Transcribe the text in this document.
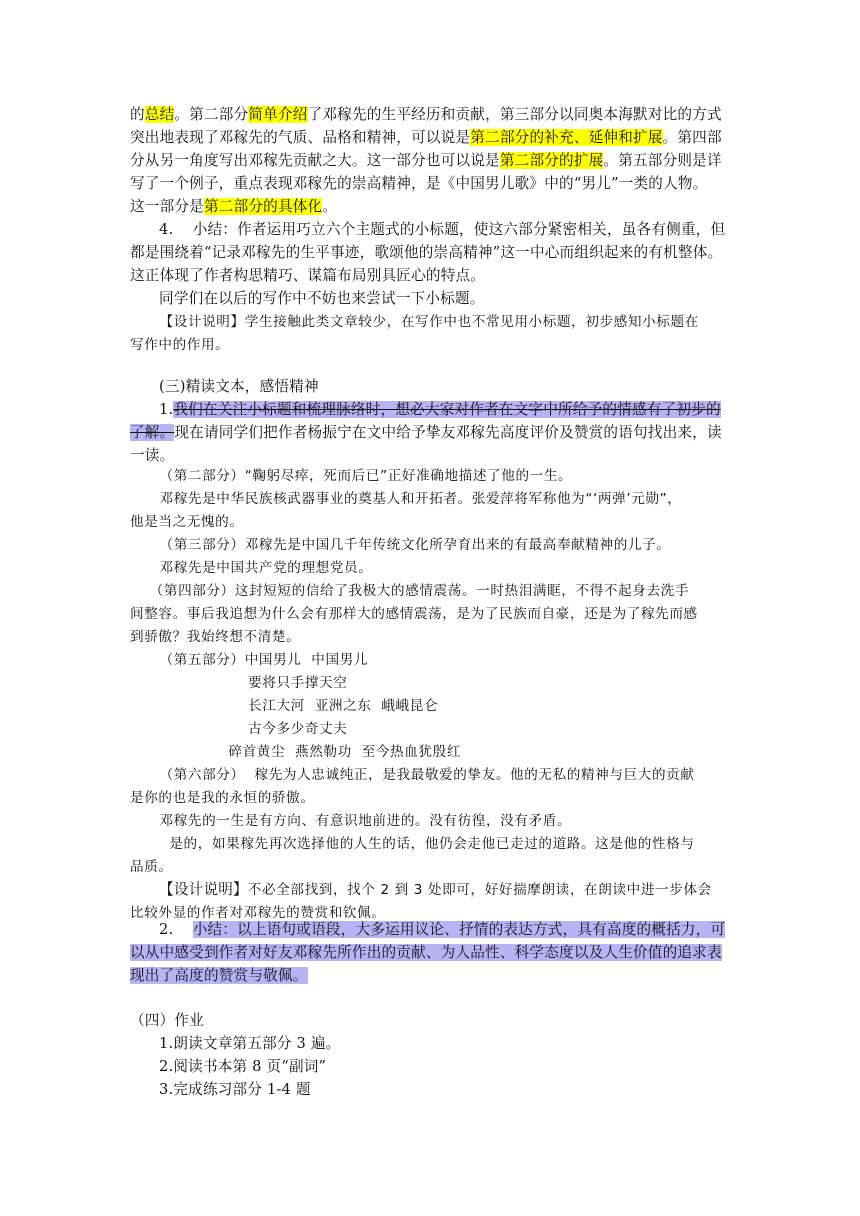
的总结。第二部分简单介绍了邓稼先的生平经历和贡献，第三部分以同奥本海默对比的方式
突出地表现了邓稼先的气质、品格和精神，可以说是第二部分的补充、延伸和扩展。第四部
分从另一角度写出邓稼先贡献之大。这一部分也可以说是第二部分的扩展。第五部分则是详
写了一个例子，重点表现邓稼先的崇高精神，是《中国男儿歌》中的“男儿”一类的人物。
这一部分是第二部分的具体化。
4.    小结：作者运用巧立六个主题式的小标题，使这六部分紧密相关，虽各有侧重，但
都是围绕着“记录邓稼先的生平事迹，歌颂他的崇高精神”这一中心而组织起来的有机整体。
这正体现了作者构思精巧、谋篇布局别具匠心的特点。
同学们在以后的写作中不妨也来尝试一下小标题。
【设计说明】学生接触此类文章较少，在写作中也不常见用小标题，初步感知小标题在
写作中的作用。
(三)精读文本，感悟精神
1.我们在关注小标题和梳理脉络时，想必大家对作者在文字中所给予的情感有了初步的
了解。现在请同学们把作者杨振宁在文中给予挚友邓稼先高度评价及赞赏的语句找出来，读
一读。
（第二部分）“鞠躬尽瘁，死而后已”正好准确地描述了他的一生。
邓稼先是中华民族核武器事业的奠基人和开拓者。张爱萍将军称他为“‘两弹’元勋”，
他是当之无愧的。
（第三部分）邓稼先是中国几千年传统文化所孕育出来的有最高奉献精神的儿子。
邓稼先是中国共产党的理想党员。
（第四部分）这封短短的信给了我极大的感情震荡。一时热泪满眶，不得不起身去洗手
间整容。事后我追想为什么会有那样大的感情震荡，是为了民族而自豪，还是为了稼先而感
到骄傲？我始终想不清楚。
（第五部分）中国男儿  中国男儿
要将只手撑天空
长江大河  亚洲之东  峨峨昆仑
古今多少奇丈夫
碎首黄尘  燕然勒功  至今热血犹殷红
（第六部分）  稼先为人忠诚纯正，是我最敬爱的挚友。他的无私的精神与巨大的贡献
是你的也是我的永恒的骄傲。
邓稼先的一生是有方向、有意识地前进的。没有彷徨，没有矛盾。
是的，如果稼先再次选择他的人生的话，他仍会走他已走过的道路。这是他的性格与
品质。
【设计说明】不必全部找到，找个 2 到 3 处即可，好好揣摩朗读，在朗读中进一步体会
比较外显的作者对邓稼先的赞赏和钦佩。
2.    小结：以上语句或语段，大多运用议论、抒情的表达方式，具有高度的概括力，可
以从中感受到作者对好友邓稼先所作出的贡献、为人品性、科学态度以及人生价值的追求表
现出了高度的赞赏与敬佩。
（四）作业
1.朗读文章第五部分 3 遍。
2.阅读书本第 8 页“副词”
3.完成练习部分 1-4 题
